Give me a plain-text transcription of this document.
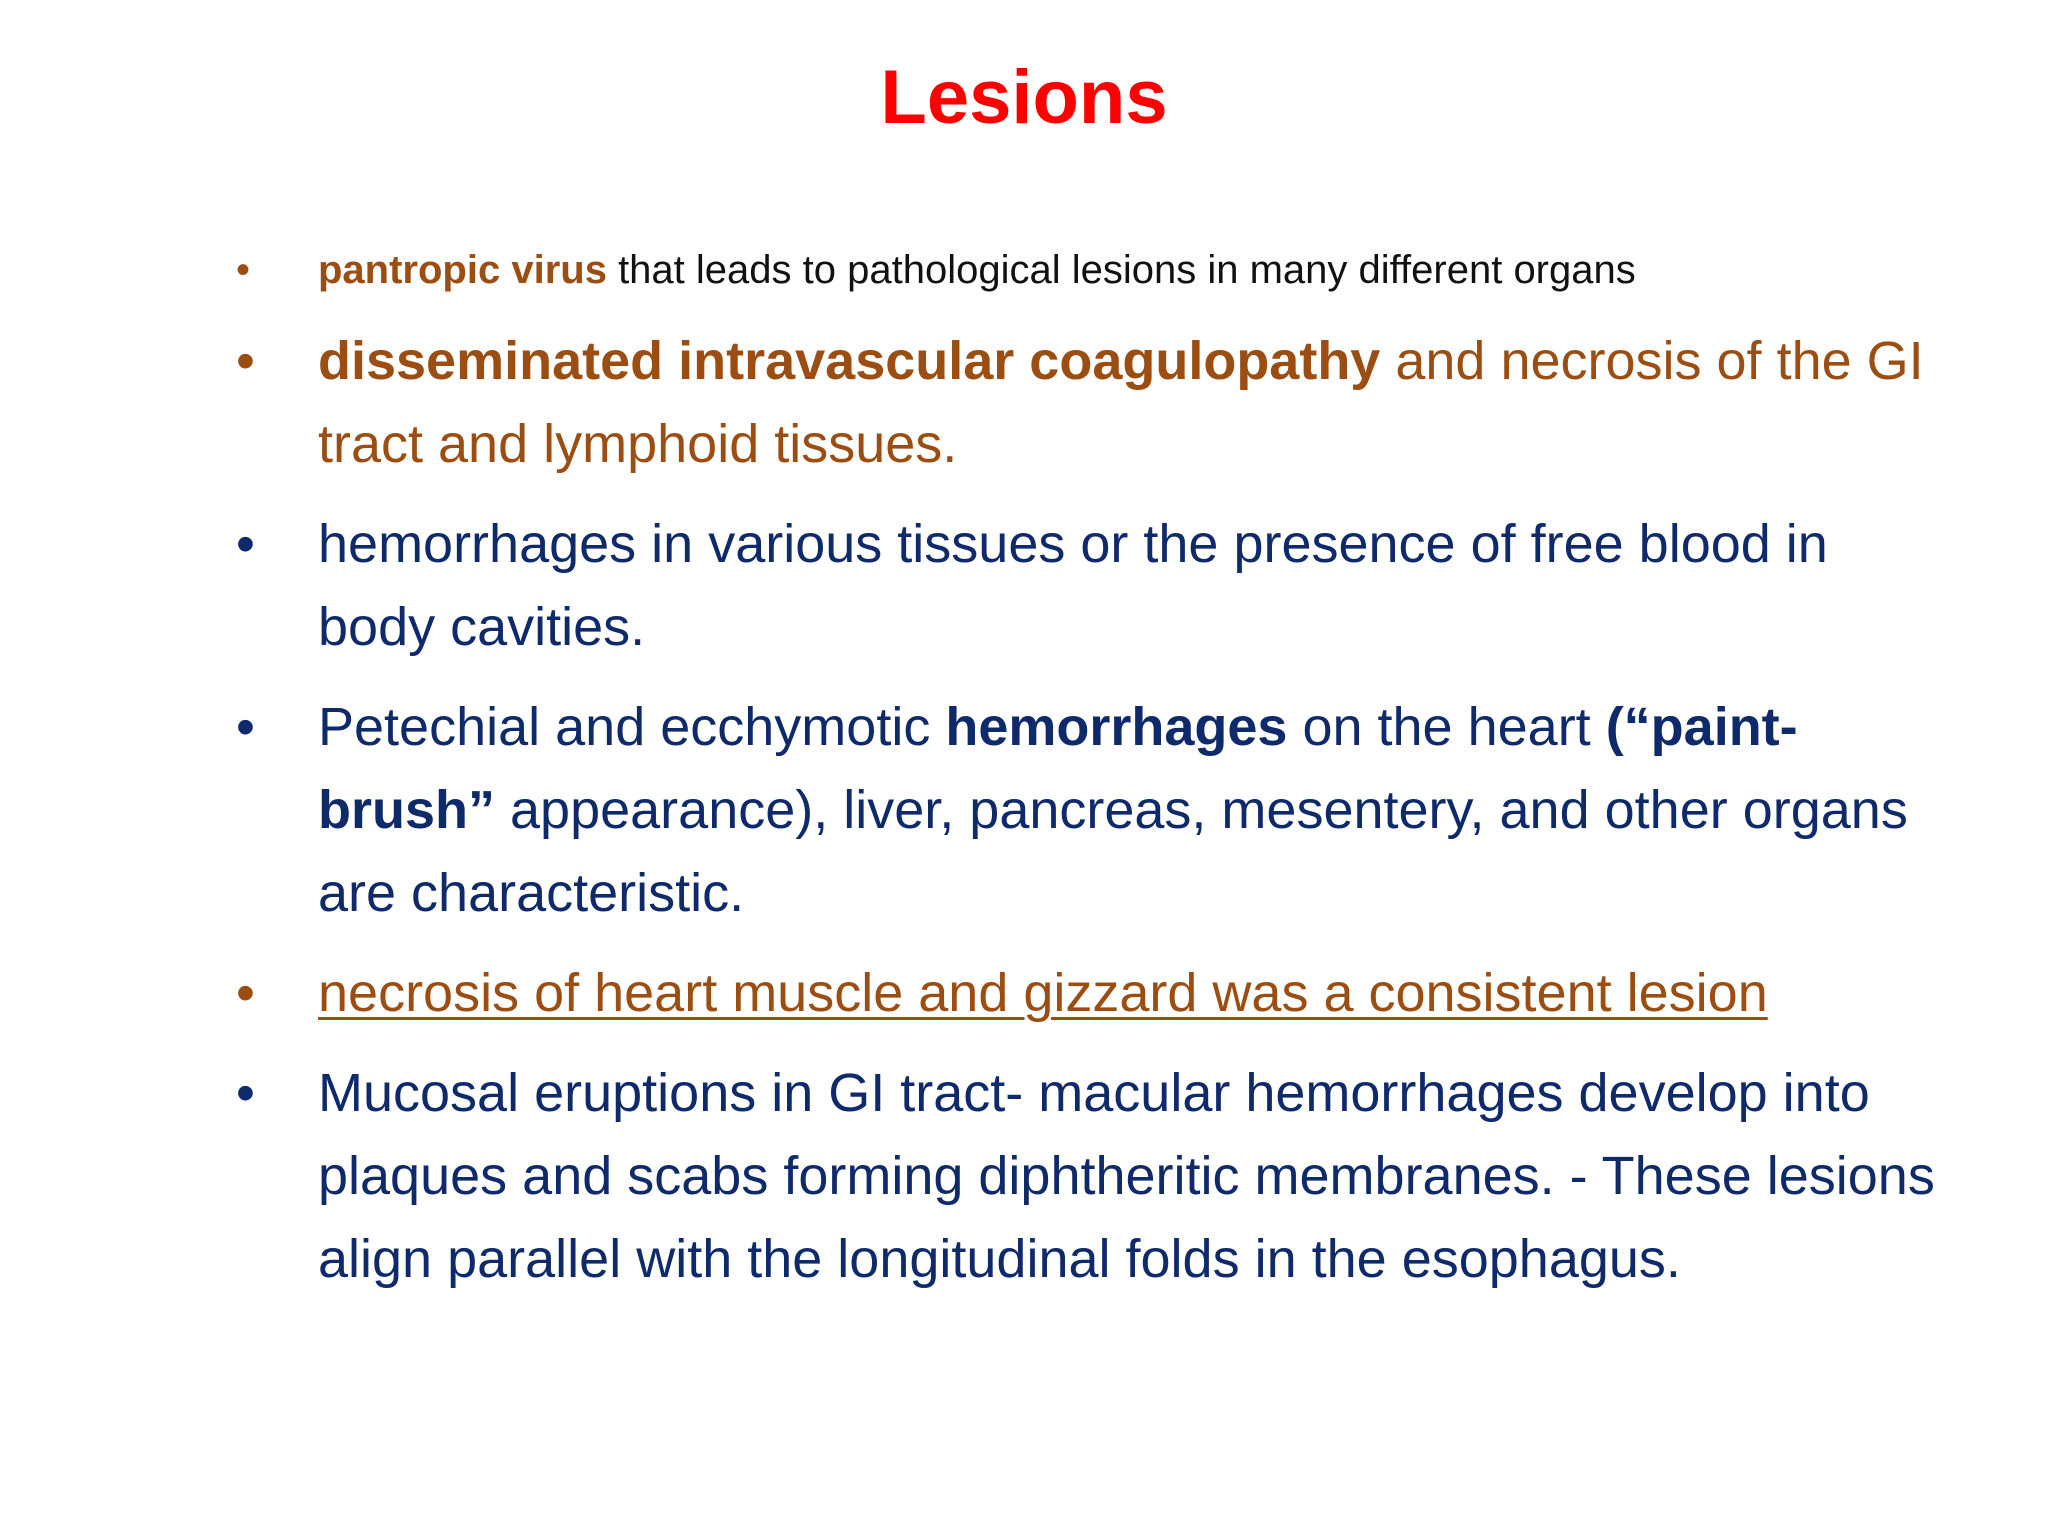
Lesions
•	pantropic virus that leads to pathological lesions in many different organs
•	disseminated intravascular coagulopathy and necrosis of the GI tract and lymphoid tissues.
•	hemorrhages in various tissues or the presence of free blood in body cavities.
•	Petechial and ecchymotic hemorrhages on the heart (“paint-brush” appearance), liver, pancreas, mesentery, and other organs are characteristic.
•	necrosis of heart muscle and gizzard was a consistent lesion
•	Mucosal eruptions in GI tract- macular hemorrhages develop into plaques and scabs forming diphtheritic membranes. - These lesions align parallel with the longitudinal folds in the esophagus.
